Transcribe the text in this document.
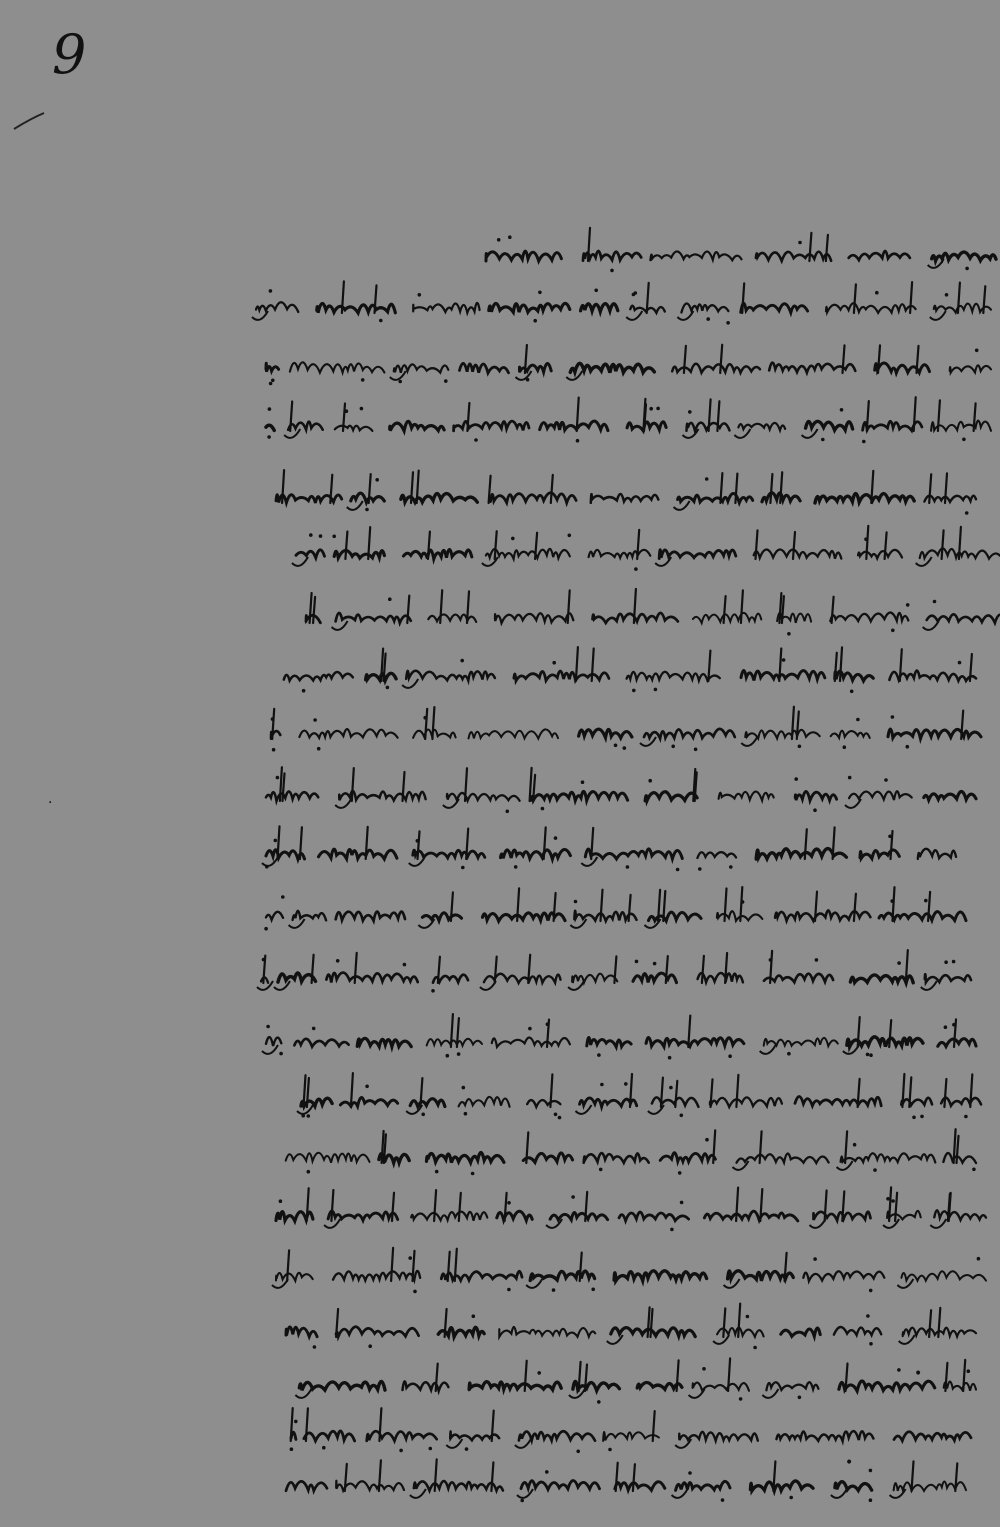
9
•
•
·
